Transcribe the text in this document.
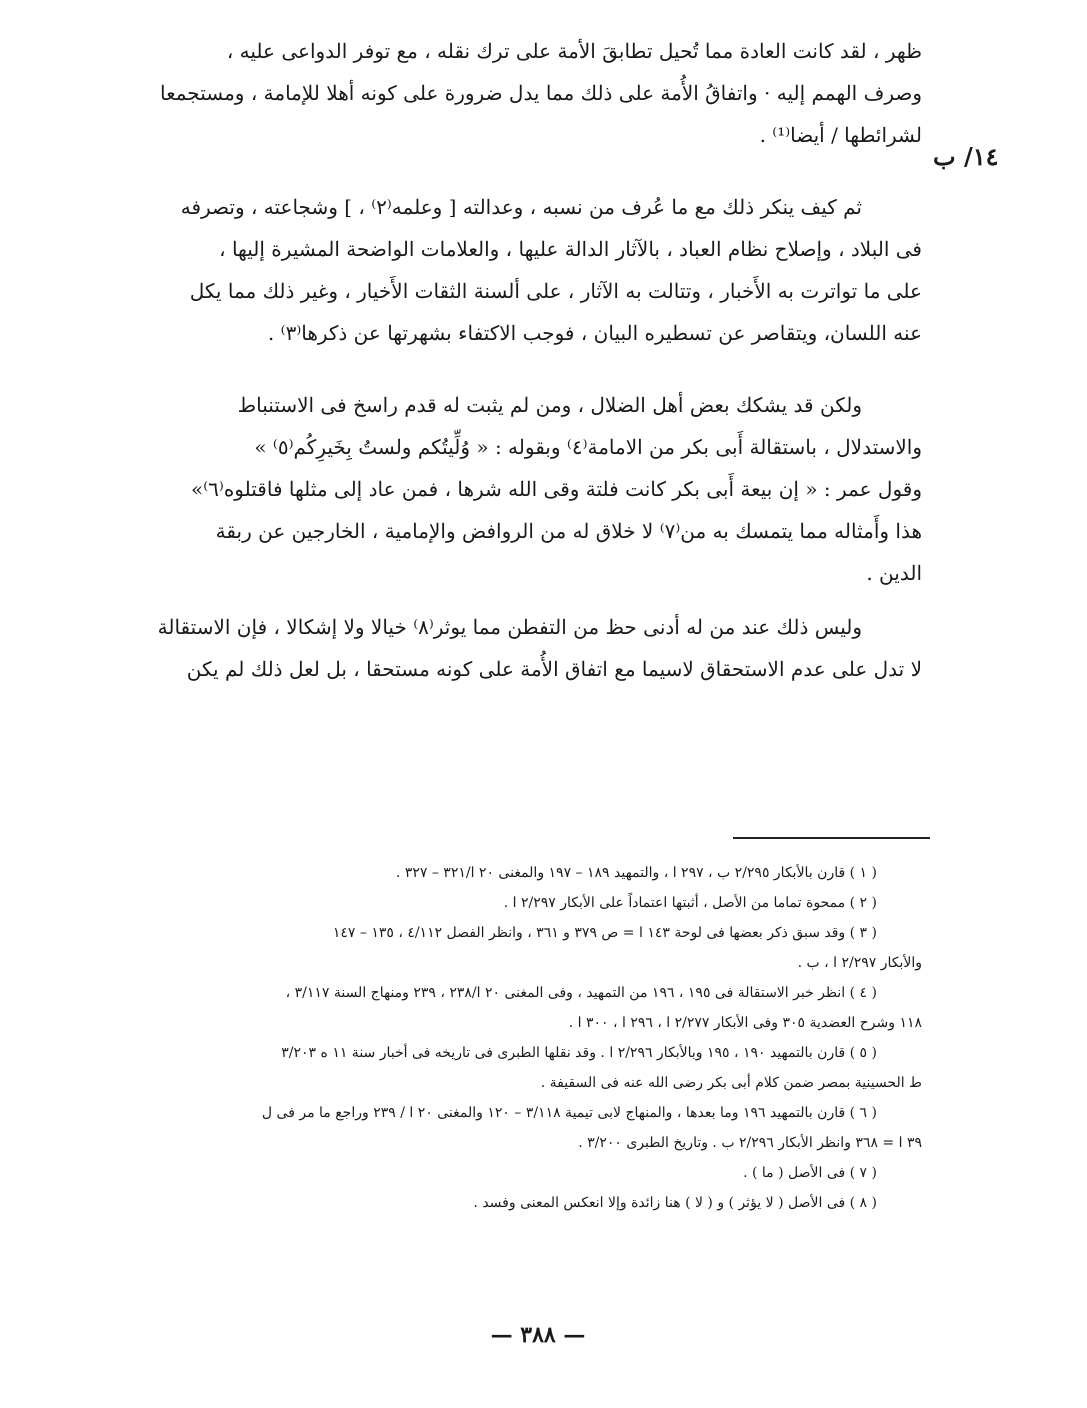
١٤/ ب
ظهر ، لقد كانت العادة مما تُحيل تطابقَ الأمة على ترك نقله ، مع توفر الدواعى عليه ،
وصرف الهمم إليه · واتفاقُ الأُمة على ذلك مما يدل ضرورة على كونه أهلا للإمامة ، ومستجمعا
لشرائطها / أيضا⁽¹⁾ .
ثم كيف ينكر ذلك مع ما عُرف من نسبه ، وعدالته [ وعلمه⁽٢⁾ ، ] وشجاعته ، وتصرفه
فى البلاد ، وإصلاح نظام العباد ، بالآثار الدالة عليها ، والعلامات الواضحة المشيرة إليها ،
على ما تواترت به الأَخبار ، وتتالت به الآثار ، على ألسنة الثقات الأَخيار ، وغير ذلك مما يكل
عنه اللسان، ويتقاصر عن تسطيره البيان ، فوجب الاكتفاء بشهرتها عن ذكرها⁽٣⁾ .
ولكن قد يشكك بعض أهل الضلال ، ومن لم يثبت له قدم راسخ فى الاستنباط
والاستدلال ، باستقالة أَبى بكر من الامامة⁽٤⁾ وبقوله : « وُلِّيتُكم ولستُ بِخَيرِكُم⁽٥⁾ »
وقول عمر : « إن بيعة أَبى بكر كانت فلتة وقى الله شرها ، فمن عاد إلى مثلها فاقتلوه⁽٦⁾»
هذا وأَمثاله مما يتمسك به من⁽٧⁾ لا خلاق له من الروافض والإمامية ، الخارجين عن ربقة
الدين .
وليس ذلك عند من له أدنى حظ من التفطن مما يوثر⁽٨⁾ خيالا ولا إشكالا ، فإن الاستقالة
لا تدل على عدم الاستحقاق لاسيما مع اتفاق الأُمة على كونه مستحقا ، بل لعل ذلك لم يكن
( ١ ) قارن بالأبكار ٢/٢٩٥ ب ، ٢٩٧ ا ، والتمهيد ١٨٩ – ١٩٧ والمغنى ٢٠ ا/٣٢١ – ٣٢٧ .
( ٢ ) ممحوة تماما من الأصل ، أثبتها اعتماداً على الأبكار ٢/٢٩٧ ا .
( ٣ ) وقد سبق ذكر بعضها فى لوحة ١٤٣ ا = ص ٣٧٩ و ٣٦١ ، وانظر الفصل ٤/١١٢ ، ١٣٥ – ١٤٧
والأبكار ٢/٢٩٧ ا ، ب .
( ٤ ) انظر خبر الاستقالة فى ١٩٥ ، ١٩٦ من التمهيد ، وفى المغنى ٢٠ ا/٢٣٨ ، ٢٣٩ ومنهاج السنة ٣/١١٧ ،
١١٨ وشرح العضدية ٣٠٥ وفى الأبكار ٢/٢٧٧ ا ، ٢٩٦ ا ، ٣٠٠ ا .
( ٥ ) قارن بالتمهيد ١٩٠ ، ١٩٥ وبالأبكار ٢/٢٩٦ ا . وقد نقلها الطبرى فى تاريخه فى أخبار سنة ١١ ه ٣/٢٠٣
ط الحسينية بمصر ضمن كلام أبى بكر رضى الله عنه فى السقيفة .
( ٦ ) قارن بالتمهيد ١٩٦ وما بعدها ، والمنهاج لابى تيمية ٣/١١٨ – ١٢٠ والمغنى ٢٠ ا / ٢٣٩ وراجع ما مر فى ل
٣٩ ا = ٣٦٨ وانظر الأبكار ٢/٢٩٦ ب . وتاريخ الطبرى ٣/٢٠٠ .
( ٧ ) فى الأصل ( ما ) .
( ٨ ) فى الأصل ( لا يؤثر ) و ( لا ) هنا زائدة وإلا انعكس المعنى وفسد .
— ٣٨٨ —
